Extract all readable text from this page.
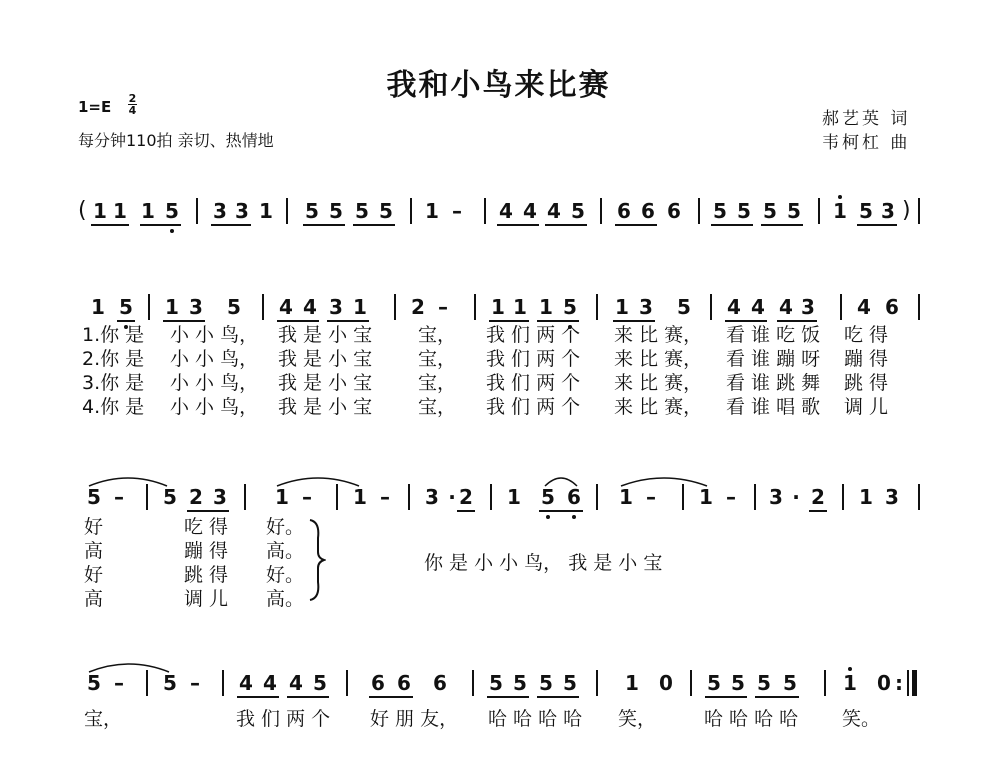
我和小鸟来比赛
1=E 2
4
每分钟110拍 亲切、热情地
郝艺英 词
韦柯杠 曲
( 1 1 1 5 3 3 1 5 5 5 5 1 – 4 4 4 5 6 6 6 5 5 5 5 1 5 3 )
1 5 1 3 5 4 4 3 1 2 – 1 1 1 5 1 3 5 4 4 4 3 4 6
5 – 5 2 3 1 – 1 – 3 · 2 1 5 6 1 – 1 – 3 · 2 1 3
5 – 5 – 4 4 4 5 6 6 6 5 5 5 5 1 0 5 5 5 5 1 0 :
1.你 是 小 小 鸟， 我 是 小 宝 宝， 我 们 两 个 来 比 赛， 看 谁 吃 饭 吃 得
2.你 是 小 小 鸟， 我 是 小 宝 宝， 我 们 两 个 来 比 赛， 看 谁 蹦 呀 蹦 得
3.你 是 小 小 鸟， 我 是 小 宝 宝， 我 们 两 个 来 比 赛， 看 谁 跳 舞 跳 得
4.你 是 小 小 鸟， 我 是 小 宝 宝， 我 们 两 个 来 比 赛， 看 谁 唱 歌 调 儿
好	吃 得 好。
高	蹦 得 高。
好	跳 得 好。
高	调 儿 高。
你 是 小 小 鸟， 我 是 小 宝
宝，	我 们 两 个 好 朋 友， 哈 哈 哈 哈 笑，	哈 哈 哈 哈 笑。
